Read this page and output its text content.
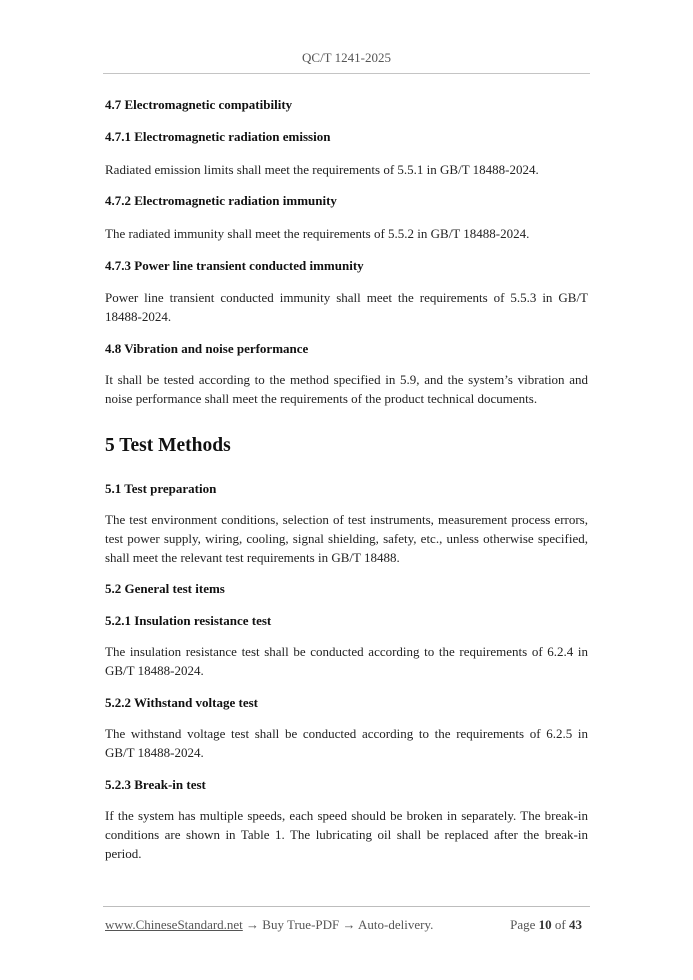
QC/T 1241-2025
4.7 Electromagnetic compatibility
4.7.1 Electromagnetic radiation emission
Radiated emission limits shall meet the requirements of 5.5.1 in GB/T 18488-2024.
4.7.2 Electromagnetic radiation immunity
The radiated immunity shall meet the requirements of 5.5.2 in GB/T 18488-2024.
4.7.3 Power line transient conducted immunity
Power line transient conducted immunity shall meet the requirements of 5.5.3 in GB/T 18488-2024.
4.8 Vibration and noise performance
It shall be tested according to the method specified in 5.9, and the system’s vibration and noise performance shall meet the requirements of the product technical documents.
5 Test Methods
5.1 Test preparation
The test environment conditions, selection of test instruments, measurement process errors, test power supply, wiring, cooling, signal shielding, safety, etc., unless otherwise specified, shall meet the relevant test requirements in GB/T 18488.
5.2 General test items
5.2.1 Insulation resistance test
The insulation resistance test shall be conducted according to the requirements of 6.2.4 in GB/T 18488-2024.
5.2.2 Withstand voltage test
The withstand voltage test shall be conducted according to the requirements of 6.2.5 in GB/T 18488-2024.
5.2.3 Break-in test
If the system has multiple speeds, each speed should be broken in separately. The break-in conditions are shown in Table 1. The lubricating oil shall be replaced after the break-in period.
www.ChineseStandard.net → Buy True-PDF → Auto-delivery.	Page 10 of 43
